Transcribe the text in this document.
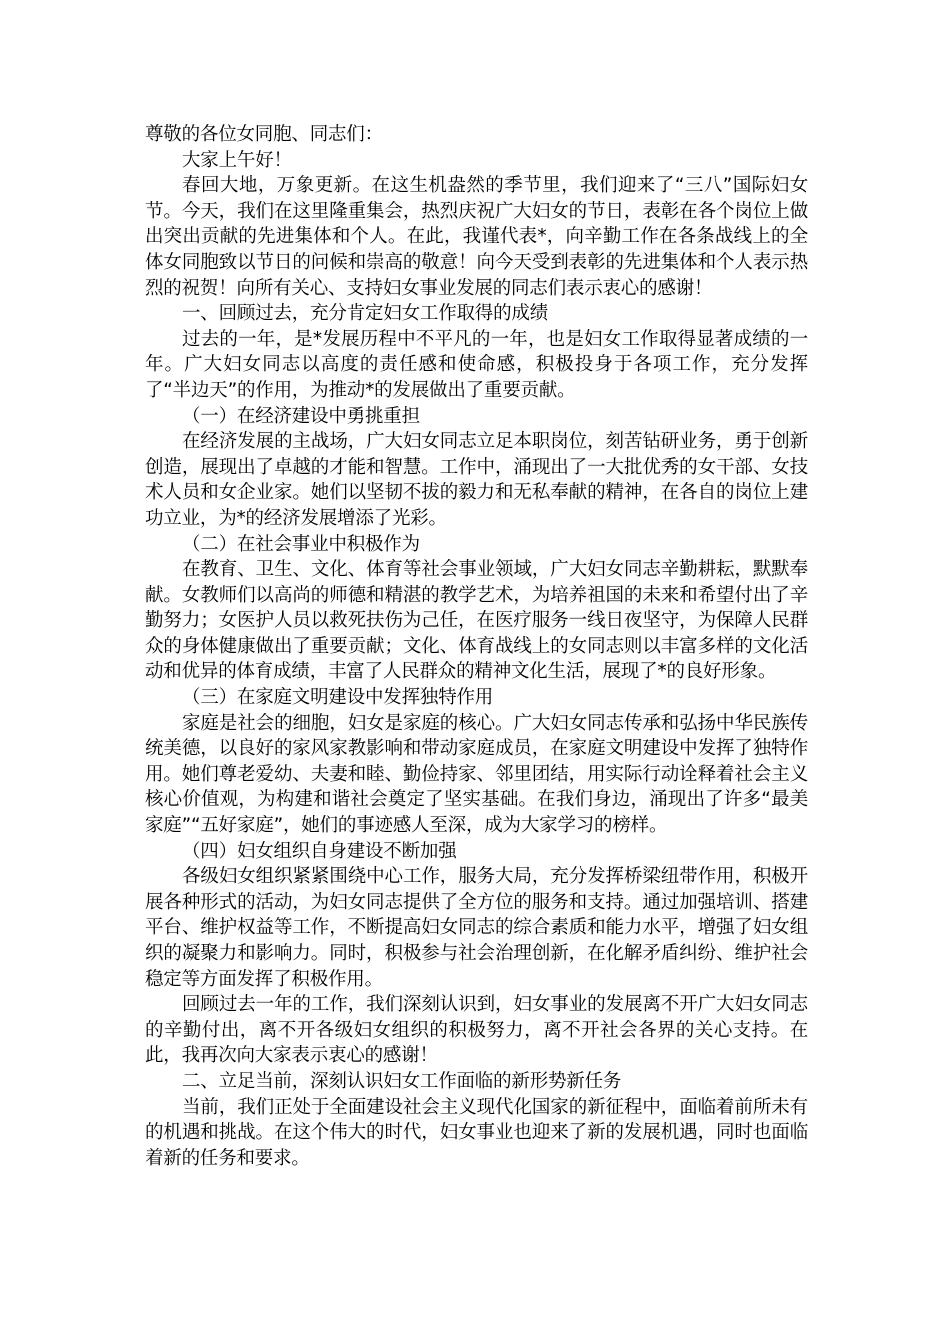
尊敬的各位女同胞、同志们：

大家上午好！

春回大地，万象更新。在这生机盎然的季节里，我们迎来了“三八”国际妇女节。今天，我们在这里隆重集会，热烈庆祝广大妇女的节日，表彰在各个岗位上做出突出贡献的先进集体和个人。在此，我谨代表*，向辛勤工作在各条战线上的全体女同胞致以节日的问候和崇高的敬意！向今天受到表彰的先进集体和个人表示热烈的祝贺！向所有关心、支持妇女事业发展的同志们表示衷心的感谢！

一、回顾过去，充分肯定妇女工作取得的成绩

过去的一年，是*发展历程中不平凡的一年，也是妇女工作取得显著成绩的一年。广大妇女同志以高度的责任感和使命感，积极投身于各项工作，充分发挥了“半边天”的作用，为推动*的发展做出了重要贡献。

（一）在经济建设中勇挑重担

在经济发展的主战场，广大妇女同志立足本职岗位，刻苦钻研业务，勇于创新创造，展现出了卓越的才能和智慧。工作中，涌现出了一大批优秀的女干部、女技术人员和女企业家。她们以坚韧不拔的毅力和无私奉献的精神，在各自的岗位上建功立业，为*的经济发展增添了光彩。

（二）在社会事业中积极作为

在教育、卫生、文化、体育等社会事业领域，广大妇女同志辛勤耕耘，默默奉献。女教师们以高尚的师德和精湛的教学艺术，为培养祖国的未来和希望付出了辛勤努力；女医护人员以救死扶伤为己任，在医疗服务一线日夜坚守，为保障人民群众的身体健康做出了重要贡献；文化、体育战线上的女同志则以丰富多样的文化活动和优异的体育成绩，丰富了人民群众的精神文化生活，展现了*的良好形象。

（三）在家庭文明建设中发挥独特作用

家庭是社会的细胞，妇女是家庭的核心。广大妇女同志传承和弘扬中华民族传统美德，以良好的家风家教影响和带动家庭成员，在家庭文明建设中发挥了独特作用。她们尊老爱幼、夫妻和睦、勤俭持家、邻里团结，用实际行动诠释着社会主义核心价值观，为构建和谐社会奠定了坚实基础。在我们身边，涌现出了许多“最美家庭”“五好家庭”，她们的事迹感人至深，成为大家学习的榜样。

（四）妇女组织自身建设不断加强

各级妇女组织紧紧围绕中心工作，服务大局，充分发挥桥梁纽带作用，积极开展各种形式的活动，为妇女同志提供了全方位的服务和支持。通过加强培训、搭建平台、维护权益等工作，不断提高妇女同志的综合素质和能力水平，增强了妇女组织的凝聚力和影响力。同时，积极参与社会治理创新，在化解矛盾纠纷、维护社会稳定等方面发挥了积极作用。

回顾过去一年的工作，我们深刻认识到，妇女事业的发展离不开广大妇女同志的辛勤付出，离不开各级妇女组织的积极努力，离不开社会各界的关心支持。在此，我再次向大家表示衷心的感谢！

二、立足当前，深刻认识妇女工作面临的新形势新任务

当前，我们正处于全面建设社会主义现代化国家的新征程中，面临着前所未有的机遇和挑战。在这个伟大的时代，妇女事业也迎来了新的发展机遇，同时也面临着新的任务和要求。
